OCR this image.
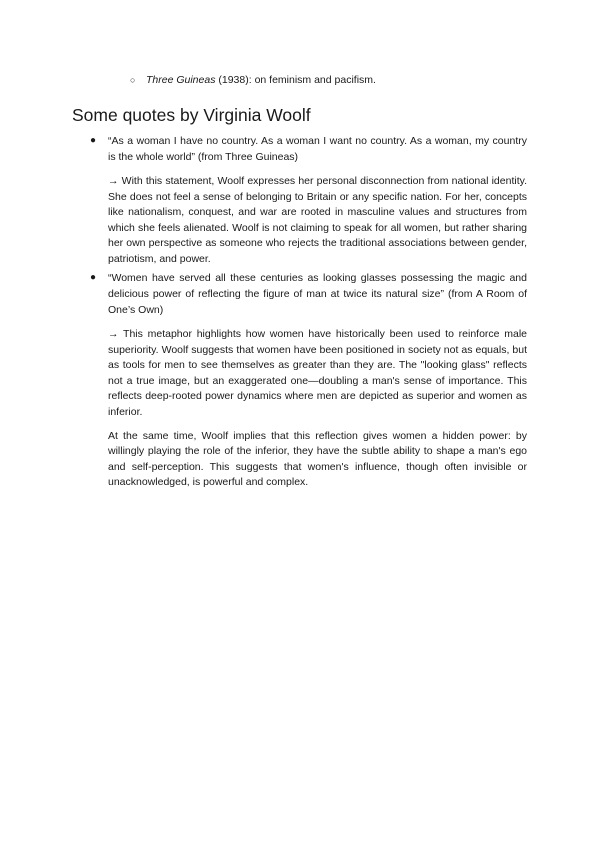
○ Three Guineas (1938): on feminism and pacifism.
Some quotes by Virginia Woolf
● “As a woman I have no country. As a woman I want no country. As a woman, my country is the whole world” (from Three Guineas)

→ With this statement, Woolf expresses her personal disconnection from national identity. She does not feel a sense of belonging to Britain or any specific nation. For her, concepts like nationalism, conquest, and war are rooted in masculine values and structures from which she feels alienated. Woolf is not claiming to speak for all women, but rather sharing her own perspective as someone who rejects the traditional associations between gender, patriotism, and power.

● “Women have served all these centuries as looking glasses possessing the magic and delicious power of reflecting the figure of man at twice its natural size” (from A Room of One’s Own)

→ This metaphor highlights how women have historically been used to reinforce male superiority. Woolf suggests that women have been positioned in society not as equals, but as tools for men to see themselves as greater than they are. The "looking glass" reflects not a true image, but an exaggerated one—doubling a man's sense of importance. This reflects deep-rooted power dynamics where men are depicted as superior and women as inferior.

At the same time, Woolf implies that this reflection gives women a hidden power: by willingly playing the role of the inferior, they have the subtle ability to shape a man's ego and self-perception. This suggests that women's influence, though often invisible or unacknowledged, is powerful and complex.
